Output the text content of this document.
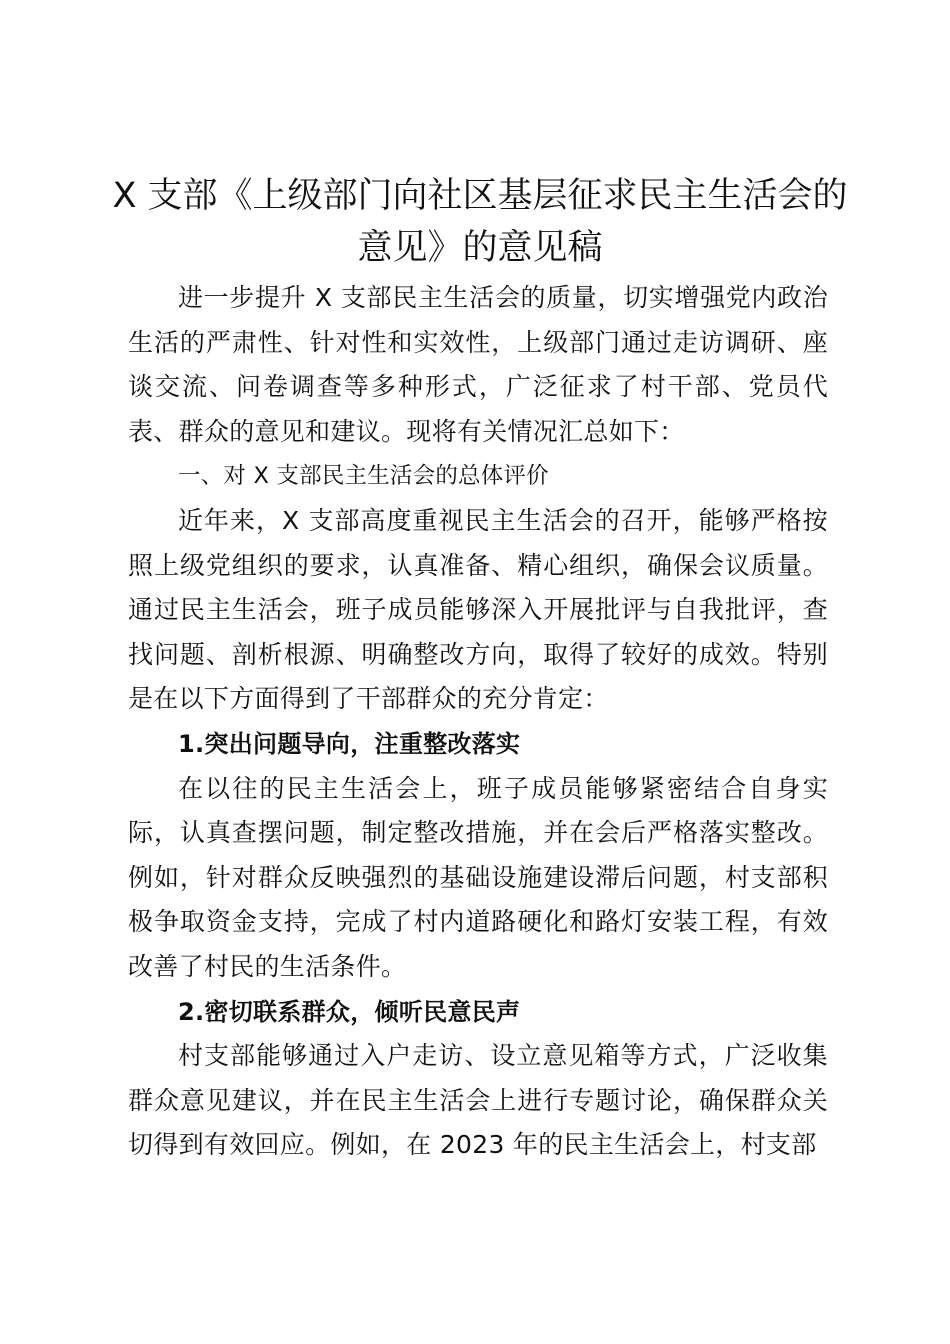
X 支部《上级部门向社区基层征求民主生活会的意见》的意见稿

进一步提升 X 支部民主生活会的质量，切实增强党内政治生活的严肃性、针对性和实效性，上级部门通过走访调研、座谈交流、问卷调查等多种形式，广泛征求了村干部、党员代表、群众的意见和建议。现将有关情况汇总如下：

一、对 X 支部民主生活会的总体评价

近年来，X 支部高度重视民主生活会的召开，能够严格按照上级党组织的要求，认真准备、精心组织，确保会议质量。通过民主生活会，班子成员能够深入开展批评与自我批评，查找问题、剖析根源、明确整改方向，取得了较好的成效。特别是在以下方面得到了干部群众的充分肯定：

1.突出问题导向，注重整改落实

在以往的民主生活会上，班子成员能够紧密结合自身实际，认真查摆问题，制定整改措施，并在会后严格落实整改。例如，针对群众反映强烈的基础设施建设滞后问题，村支部积极争取资金支持，完成了村内道路硬化和路灯安装工程，有效改善了村民的生活条件。

2.密切联系群众，倾听民意民声

村支部能够通过入户走访、设立意见箱等方式，广泛收集群众意见建议，并在民主生活会上进行专题讨论，确保群众关切得到有效回应。例如，在 2023 年的民主生活会上，村支部
